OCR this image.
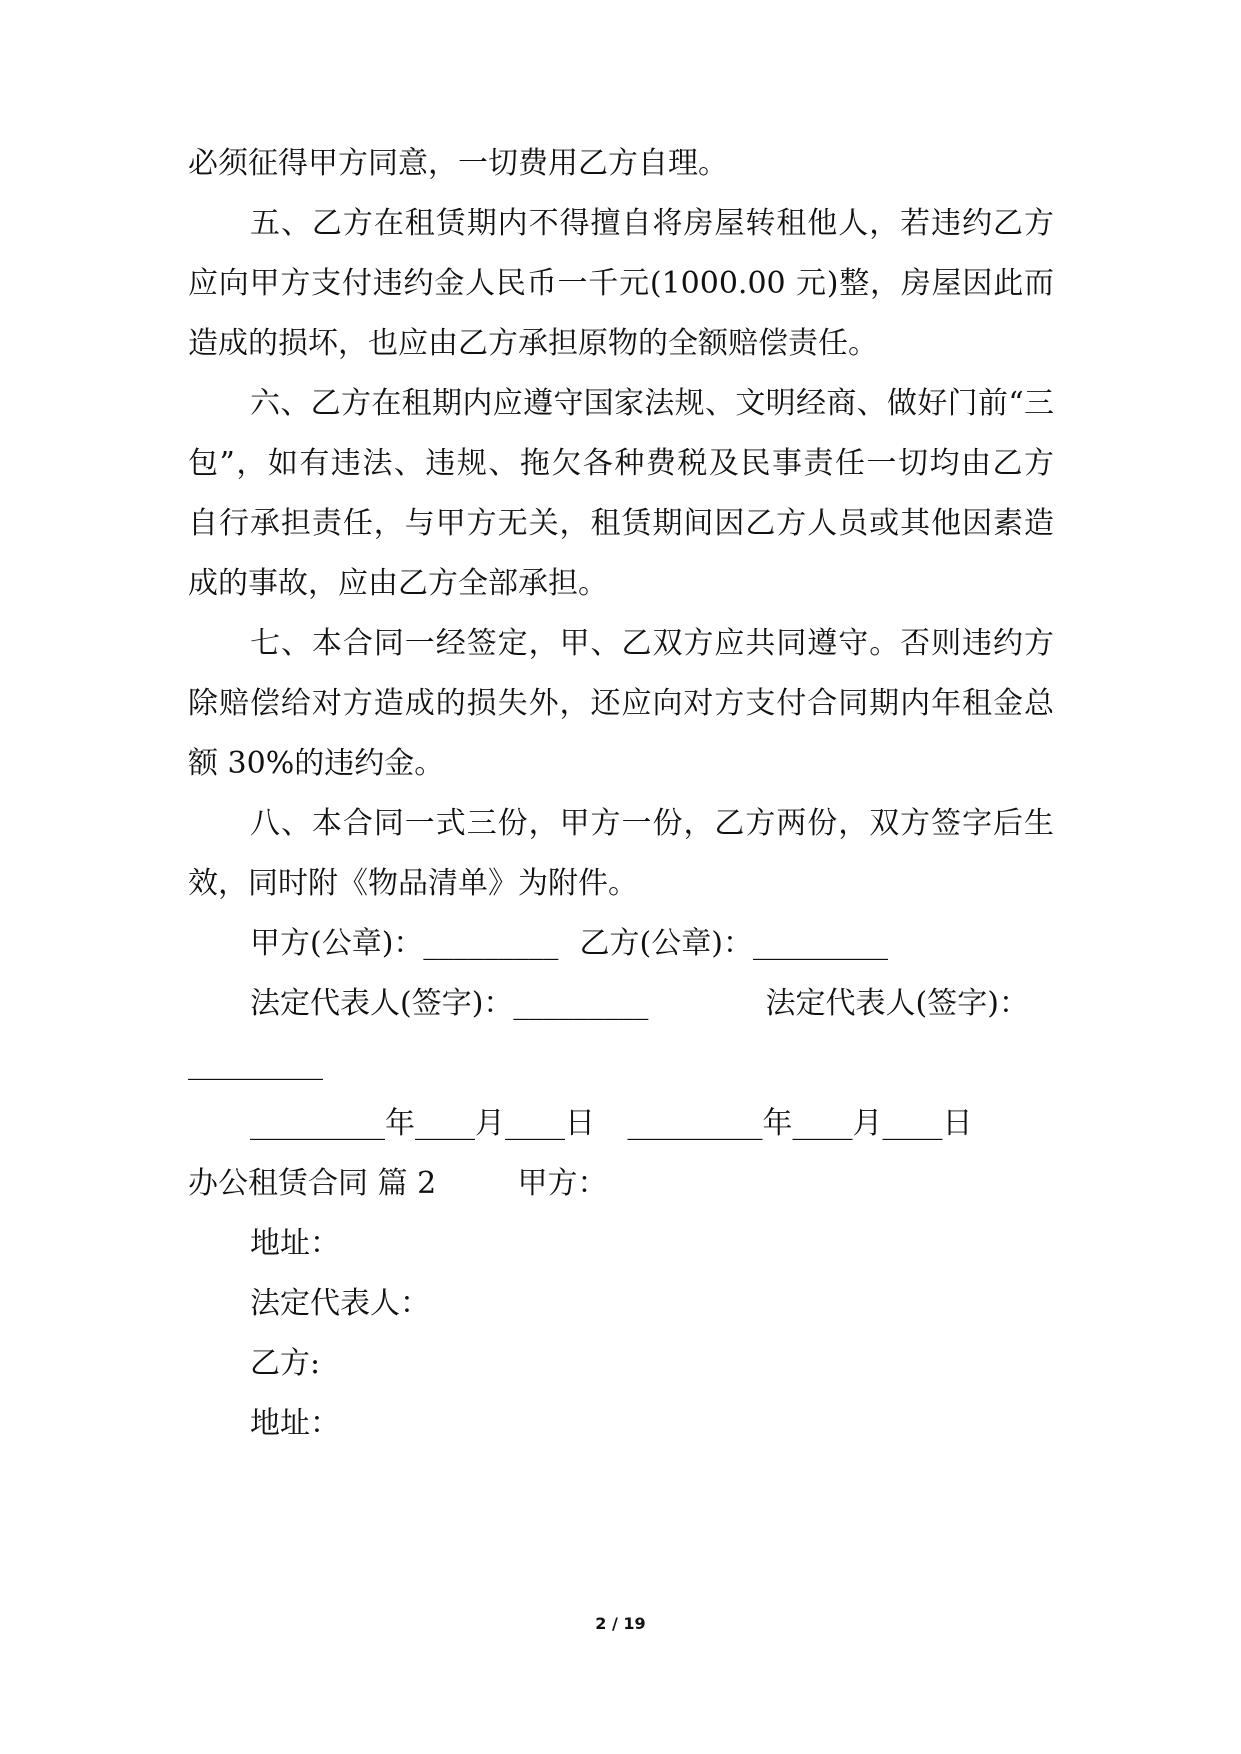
必须征得甲方同意，一切费用乙方自理。
五、乙方在租赁期内不得擅自将房屋转租他人，若违约乙方
应向甲方支付违约金人民币一千元(1000.00 元)整，房屋因此而
造成的损坏，也应由乙方承担原物的全额赔偿责任。
六、乙方在租期内应遵守国家法规、文明经商、做好门前“三
包”，如有违法、违规、拖欠各种费税及民事责任一切均由乙方
自行承担责任，与甲方无关，租赁期间因乙方人员或其他因素造
成的事故，应由乙方全部承担。
七、本合同一经签定，甲、乙双方应共同遵守。否则违约方
除赔偿给对方造成的损失外，还应向对方支付合同期内年租金总
额 30%的违约金。
八、本合同一式三份，甲方一份，乙方两份，双方签字后生
效，同时附《物品清单》为附件。
甲方(公章)：_________ 乙方(公章)：_________
法定代表人(签字)：_________	法定代表人(签字)：
_________
_________年____月____日 _________年____月____日
办公租赁合同 篇 2	甲方：
地址：
法定代表人：
乙方:
地址：
2 / 19
